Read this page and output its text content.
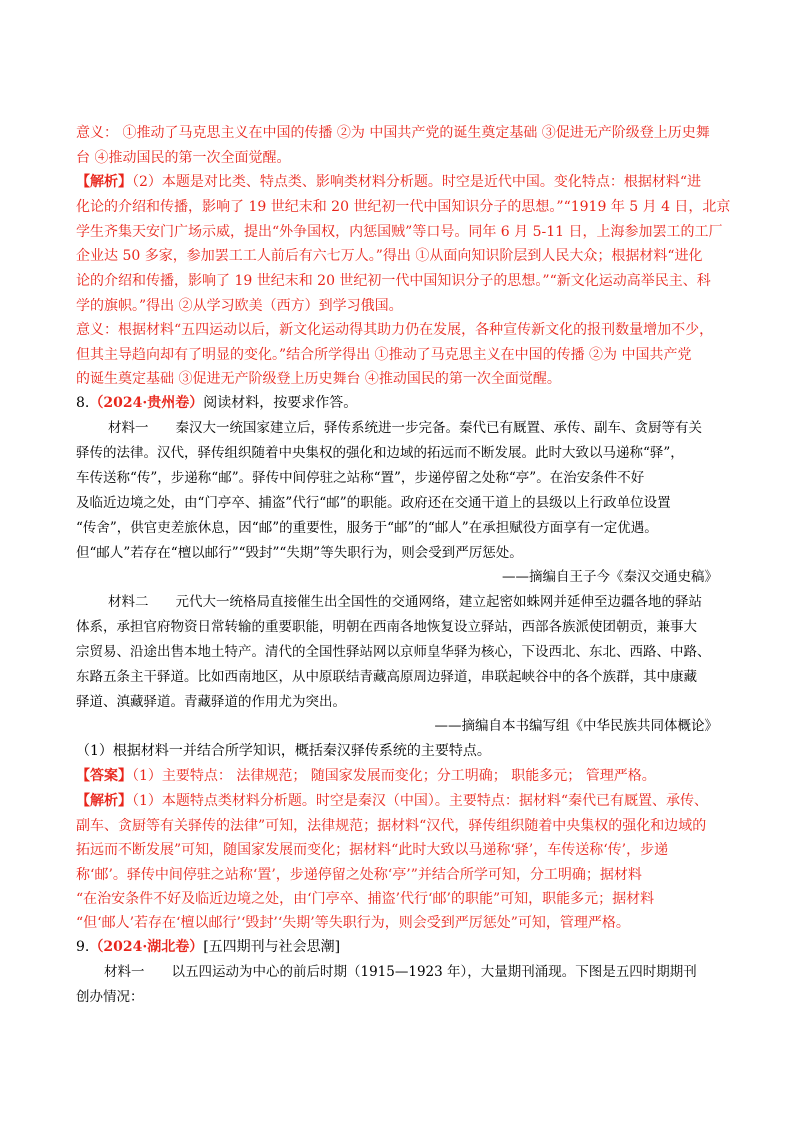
意义： ①推动了马克思主义在中国的传播 ②为 中国共产党的诞生奠定基础 ③促进无产阶级登上历史舞
台 ④推动国民的第一次全面觉醒。
【解析】（2）本题是对比类、特点类、影响类材料分析题。时空是近代中国。变化特点：根据材料“进
化论的介绍和传播，影响了 19 世纪末和 20 世纪初一代中国知识分子的思想。”“1919 年 5 月 4 日，北京
学生齐集天安门广场示威，提出“外争国权，内惩国贼”等口号。同年 6 月 5-11 日，上海参加罢工的工厂
企业达 50 多家，参加罢工工人前后有六七万人。”得出 ①从面向知识阶层到人民大众；根据材料“进化
论的介绍和传播，影响了 19 世纪末和 20 世纪初一代中国知识分子的思想。”“新文化运动高举民主、科
学的旗帜。”得出 ②从学习欧美（西方）到学习俄国。
意义：根据材料“五四运动以后，新文化运动得其助力仍在发展，各种宣传新文化的报刊数量增加不少，
但其主导趋向却有了明显的变化。”结合所学得出 ①推动了马克思主义在中国的传播 ②为 中国共产党
的诞生奠定基础 ③促进无产阶级登上历史舞台 ④推动国民的第一次全面觉醒。
8.（2024·贵州卷）阅读材料，按要求作答。
材料一　　秦汉大一统国家建立后，驿传系统进一步完备。秦代已有厩置、承传、副车、贪厨等有关
驿传的法律。汉代，驿传组织随着中央集权的强化和边域的拓远而不断发展。此时大致以马递称“驿”，
车传送称“传”，步递称“邮”。驿传中间停驻之站称“置”，步递停留之处称“亭”。在治安条件不好
及临近边境之处，由“门亭卒、捕盗”代行“邮”的职能。政府还在交通干道上的县级以上行政单位设置
“传舍”，供官吏差旅休息，因“邮”的重要性，服务于“邮”的“邮人”在承担赋役方面享有一定优遇。
但“邮人”若存在“檀以邮行”“毁封”“失期”等失职行为，则会受到严厉惩处。
——摘编自王子今《秦汉交通史稿》
材料二　　元代大一统格局直接催生出全国性的交通网络，建立起密如蛛网并延伸至边疆各地的驿站
体系，承担官府物资日常转输的重要职能，明朝在西南各地恢复设立驿站，西部各族派使团朝贡，兼事大
宗贸易、沿途出售本地土特产。清代的全国性驿站网以京师皇华驿为核心，下设西北、东北、西路、中路、
东路五条主干驿道。比如西南地区，从中原联结青藏高原周边驿道，串联起峡谷中的各个族群，其中康藏
驿道、滇藏驿道。青藏驿道的作用尤为突出。
——摘编自本书编写组《中华民族共同体概论》
（1）根据材料一并结合所学知识，概括秦汉驿传系统的主要特点。
【答案】（1）主要特点： 法律规范； 随国家发展而变化；分工明确； 职能多元； 管理严格。
【解析】（1）本题特点类材料分析题。时空是秦汉（中国）。主要特点：据材料“秦代已有厩置、承传、
副车、贪厨等有关驿传的法律”可知，法律规范；据材料“汉代，驿传组织随着中央集权的强化和边域的
拓远而不断发展”可知，随国家发展而变化；据材料“此时大致以马递称‘驿’，车传送称‘传’，步递
称‘邮’。驿传中间停驻之站称‘置’，步递停留之处称‘亭’”并结合所学可知，分工明确；据材料
“在治安条件不好及临近边境之处，由‘门亭卒、捕盗’代行‘邮’的职能”可知，职能多元；据材料
“但‘邮人’若存在‘檀以邮行’‘毁封’‘失期’等失职行为，则会受到严厉惩处”可知，管理严格。
9.（2024·湖北卷）[五四期刊与社会思潮]
材料一　　以五四运动为中心的前后时期（1915—1923 年），大量期刊涌现。下图是五四时期期刊
创办情况：
